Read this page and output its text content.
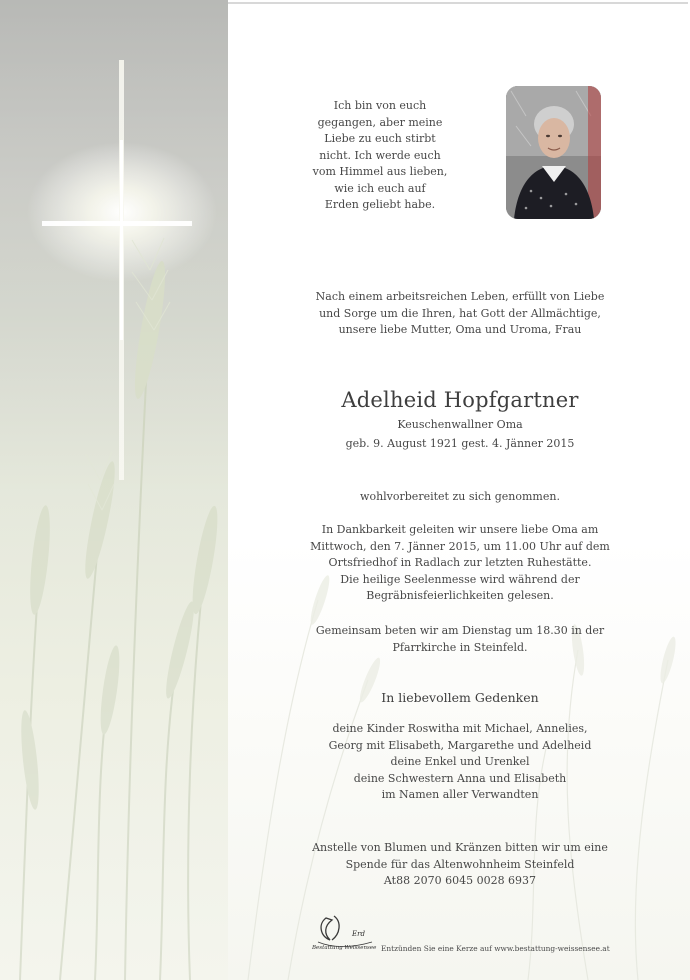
Ich bin von euch
gegangen, aber meine
Liebe zu euch stirbt
nicht. Ich werde euch
vom Himmel aus lieben,
wie ich euch auf
Erden geliebt habe.
Nach einem arbeitsreichen Leben, erfüllt von Liebe
und Sorge um die Ihren, hat Gott der Allmächtige,
unsere liebe Mutter, Oma und Uroma, Frau
Adelheid Hopfgartner
Keuschenwallner Oma
geb. 9. August 1921 gest. 4. Jänner 2015
wohlvorbereitet zu sich genommen.
In Dankbarkeit geleiten wir unsere liebe Oma am
Mittwoch, den 7. Jänner 2015, um 11.00 Uhr auf dem
Ortsfriedhof in Radlach zur letzten Ruhestätte.
Die heilige Seelenmesse wird während der
Begräbnisfeierlichkeiten gelesen.
Gemeinsam beten wir am Dienstag um 18.30 in der
Pfarrkirche in Steinfeld.
In liebevollem Gedenken
deine Kinder Roswitha mit Michael, Annelies,
Georg mit Elisabeth, Margarethe und Adelheid
deine Enkel und Urenkel
deine Schwestern Anna und Elisabeth
im Namen aller Verwandten
Anstelle von Blumen und Kränzen bitten wir um eine
Spende für das Altenwohnheim Steinfeld
At88 2070 6045 0028 6937
Erd
Bestattung Weissensee Entzünden Sie eine Kerze auf www.bestattung-weissensee.at
